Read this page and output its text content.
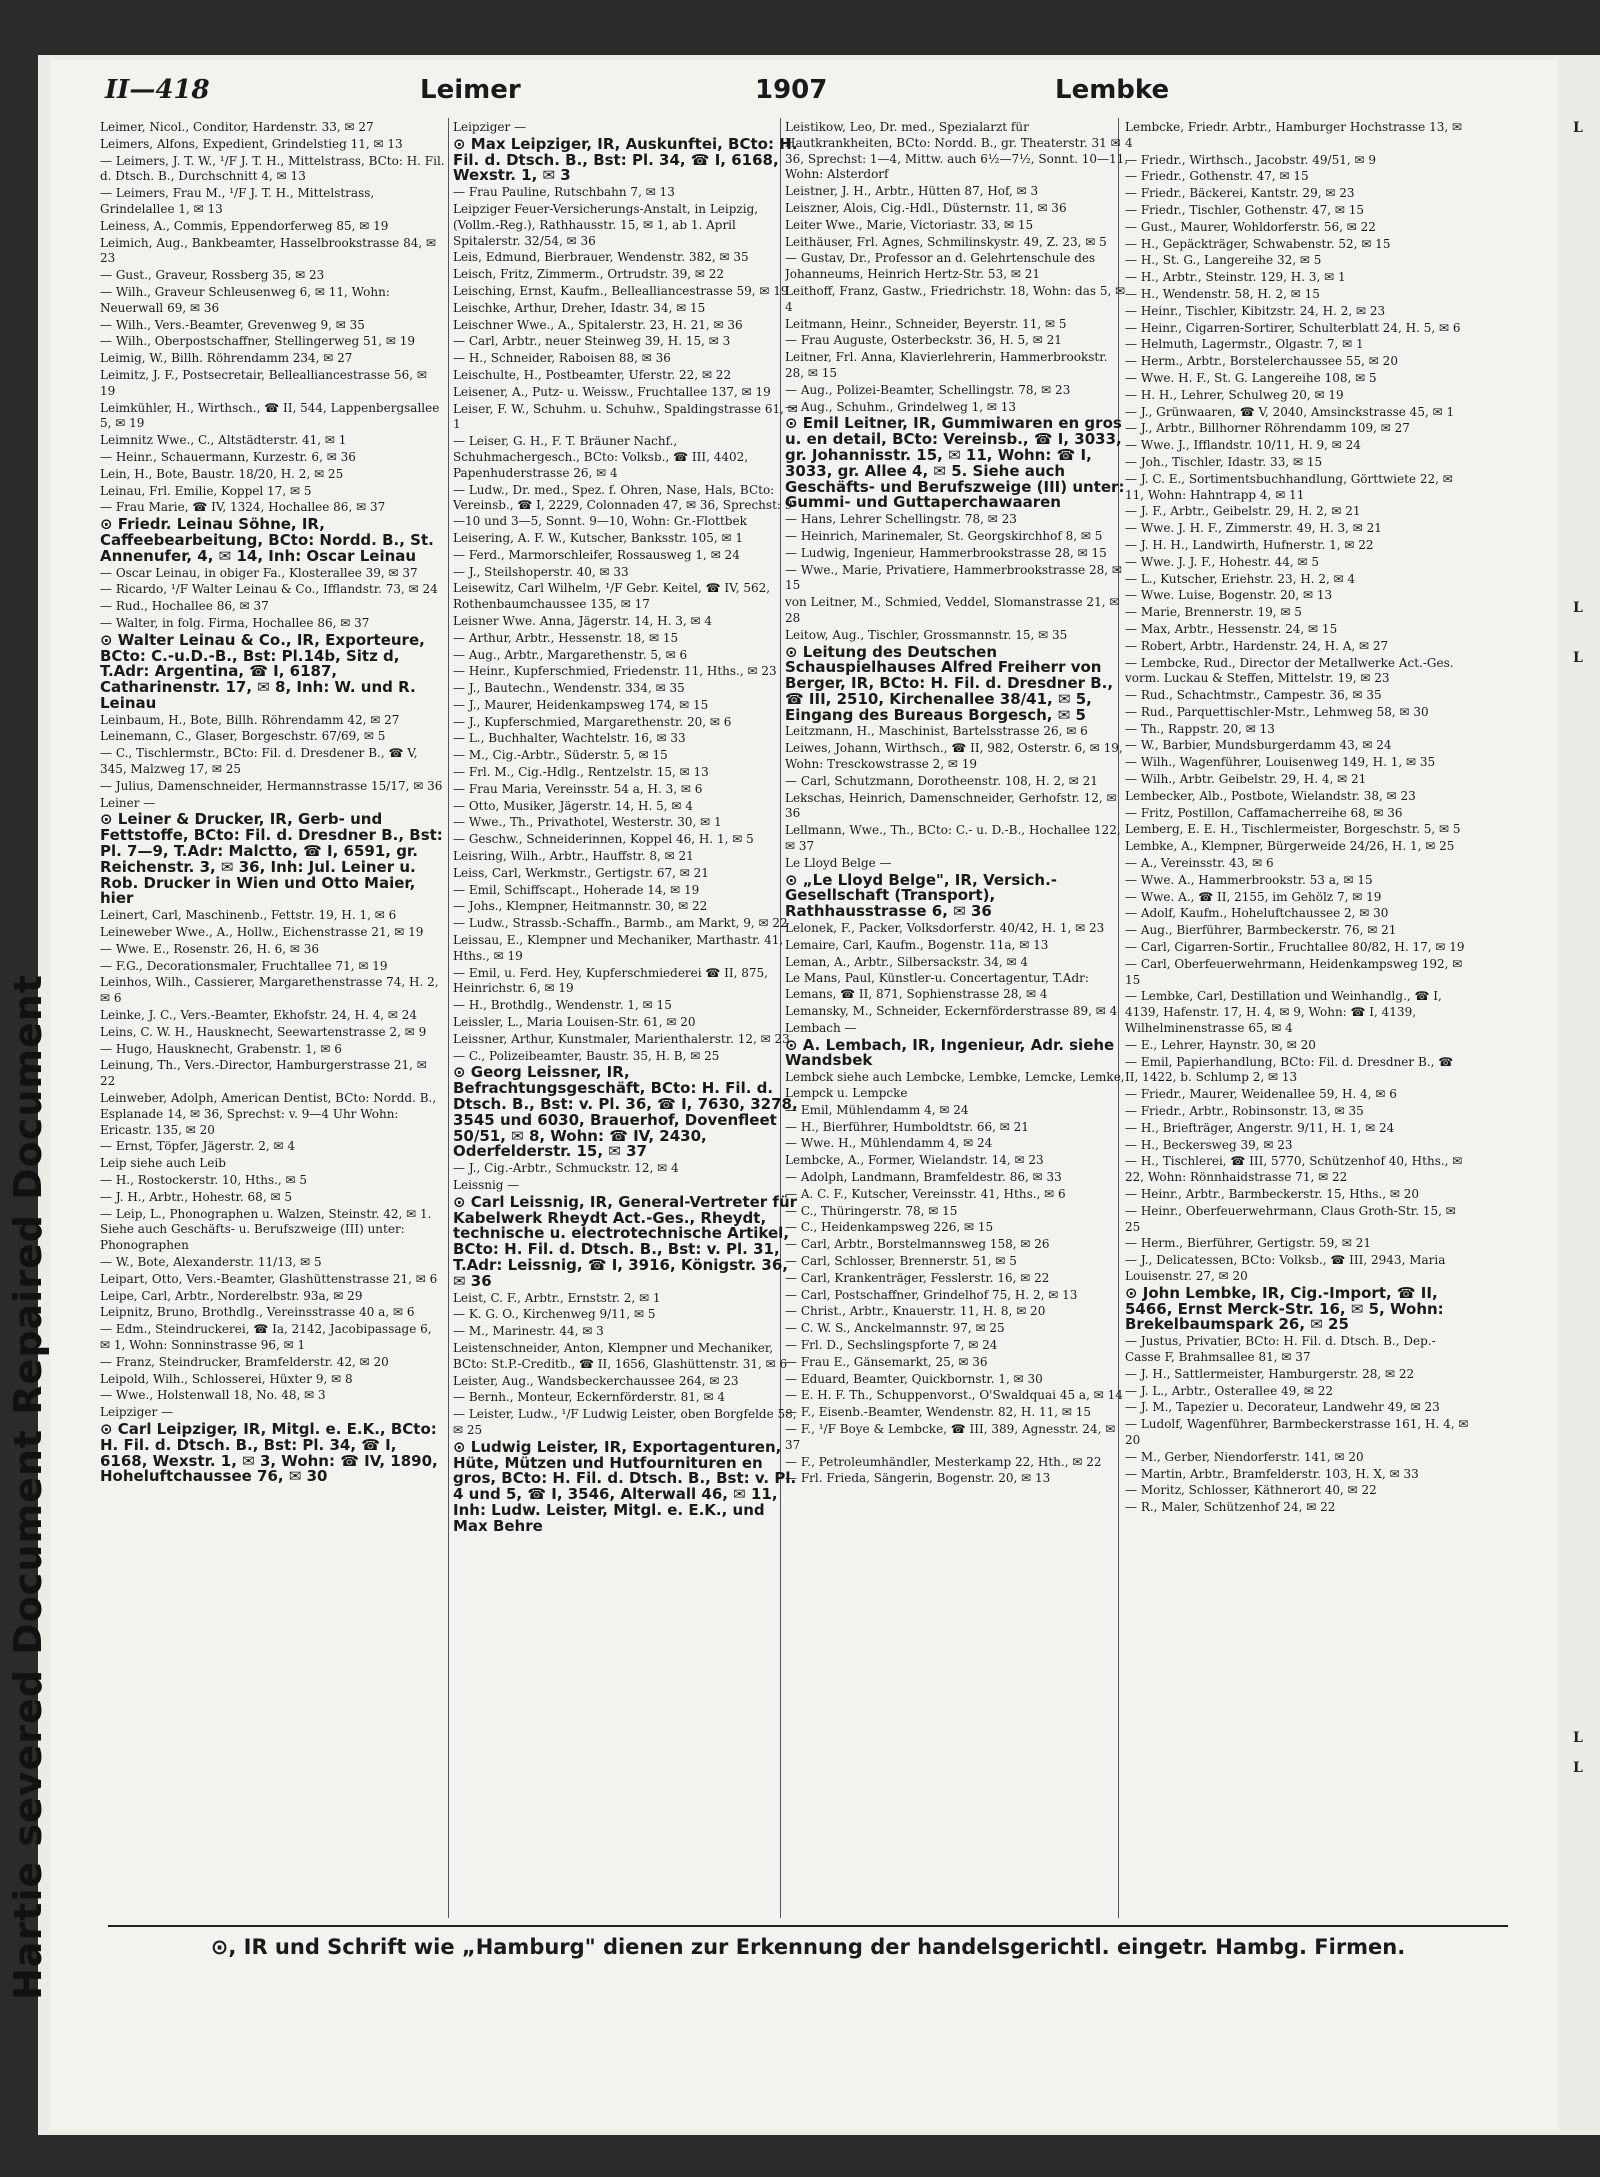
Hartie severed Document Repaired Document
II—418	Leimer	1907	Lembke
Leimer, Nicol., Conditor, Hardenstr. 33, ✉ 27
Leimers, Alfons, Expedient, Grindelstieg 11, ✉ 13
— Leimers, J. T. W., ¹/F J. T. H., Mittelstrass, BCto: H. Fil. d. Dtsch. B., Durchschnitt 4, ✉ 13
— Leimers, Frau M., ¹/F J. T. H., Mittelstrass, Grindelallee 1, ✉ 13
Leiness, A., Commis, Eppendorferweg 85, ✉ 19
Leimich, Aug., Bankbeamter, Hasselbrookstrasse 84, ✉ 23
— Gust., Graveur, Rossberg 35, ✉ 23
— Wilh., Graveur Schleusenweg 6, ✉ 11, Wohn: Neuerwall 69, ✉ 36
— Wilh., Vers.-Beamter, Grevenweg 9, ✉ 35
— Wilh., Oberpostschaffner, Stellingerweg 51, ✉ 19
Leimig, W., Billh. Röhrendamm 234, ✉ 27
Leimitz, J. F., Postsecretair, Bellealliancestrasse 56, ✉ 19
Leimkühler, H., Wirthsch., ☎ II, 544, Lappenbergsallee 5, ✉ 19
Leimnitz Wwe., C., Altstädterstr. 41, ✉ 1
— Heinr., Schauermann, Kurzestr. 6, ✉ 36
Lein, H., Bote, Baustr. 18/20, H. 2, ✉ 25
Leinau, Frl. Emilie, Koppel 17, ✉ 5
— Frau Marie, ☎ IV, 1324, Hochallee 86, ✉ 37
⊙ Friedr. Leinau Söhne, IR, Caffeebearbeitung, BCto: Nordd. B., St. Annenufer, 4, ✉ 14, Inh: Oscar Leinau
— Oscar Leinau, in obiger Fa., Klosterallee 39, ✉ 37
— Ricardo, ¹/F Walter Leinau & Co., Ifflandstr. 73, ✉ 24
— Rud., Hochallee 86, ✉ 37
— Walter, in folg. Firma, Hochallee 86, ✉ 37
⊙ Walter Leinau & Co., IR, Exporteure, BCto: C.-u.D.-B., Bst: Pl.14b, Sitz d, T.Adr: Argentina, ☎ I, 6187, Catharinenstr. 17, ✉ 8, Inh: W. und R. Leinau
Leinbaum, H., Bote, Billh. Röhrendamm 42, ✉ 27
Leinemann, C., Glaser, Borgeschstr. 67/69, ✉ 5
— C., Tischlermstr., BCto: Fil. d. Dresdener B., ☎ V, 345, Malzweg 17, ✉ 25
— Julius, Damenschneider, Hermannstrasse 15/17, ✉ 36
Leiner —
⊙ Leiner & Drucker, IR, Gerb- und Fettstoffe, BCto: Fil. d. Dresdner B., Bst: Pl. 7—9, T.Adr: Malctto, ☎ I, 6591, gr. Reichenstr. 3, ✉ 36, Inh: Jul. Leiner u. Rob. Drucker in Wien und Otto Maier, hier
Leinert, Carl, Maschinenb., Fettstr. 19, H. 1, ✉ 6
Leineweber Wwe., A., Hollw., Eichenstrasse 21, ✉ 19
— Wwe. E., Rosenstr. 26, H. 6, ✉ 36
— F.G., Decorationsmaler, Fruchtallee 71, ✉ 19
Leinhos, Wilh., Cassierer, Margarethenstrasse 74, H. 2, ✉ 6
Leinke, J. C., Vers.-Beamter, Ekhofstr. 24, H. 4, ✉ 24
Leins, C. W. H., Hausknecht, Seewartenstrasse 2, ✉ 9
— Hugo, Hausknecht, Grabenstr. 1, ✉ 6
Leinung, Th., Vers.-Director, Hamburgerstrasse 21, ✉ 22
Leinweber, Adolph, American Dentist, BCto: Nordd. B., Esplanade 14, ✉ 36, Sprechst: v. 9—4 Uhr Wohn: Ericastr. 135, ✉ 20
— Ernst, Töpfer, Jägerstr. 2, ✉ 4
Leip siehe auch Leib
— H., Rostockerstr. 10, Hths., ✉ 5
— J. H., Arbtr., Hohestr. 68, ✉ 5
— Leip, L., Phonographen u. Walzen, Steinstr. 42, ✉ 1. Siehe auch Geschäfts- u. Berufszweige (III) unter: Phonographen
— W., Bote, Alexanderstr. 11/13, ✉ 5
Leipart, Otto, Vers.-Beamter, Glashüttenstrasse 21, ✉ 6
Leipe, Carl, Arbtr., Norderelbstr. 93a, ✉ 29
Leipnitz, Bruno, Brothdlg., Vereinsstrasse 40 a, ✉ 6
— Edm., Steindruckerei, ☎ Ia, 2142, Jacobipassage 6, ✉ 1, Wohn: Sonninstrasse 96, ✉ 1
— Franz, Steindrucker, Bramfelderstr. 42, ✉ 20
Leipold, Wilh., Schlosserei, Hüxter 9, ✉ 8
— Wwe., Holstenwall 18, No. 48, ✉ 3
Leipziger —
⊙ Carl Leipziger, IR, Mitgl. e. E.K., BCto: H. Fil. d. Dtsch. B., Bst: Pl. 34, ☎ I, 6168, Wexstr. 1, ✉ 3, Wohn: ☎ IV, 1890, Hoheluftchaussee 76, ✉ 30
Leipziger —
⊙ Max Leipziger, IR, Auskunftei, BCto: H. Fil. d. Dtsch. B., Bst: Pl. 34, ☎ I, 6168, Wexstr. 1, ✉ 3
— Frau Pauline, Rutschbahn 7, ✉ 13
Leipziger Feuer-Versicherungs-Anstalt, in Leipzig, (Vollm.-Reg.), Rathhausstr. 15, ✉ 1, ab 1. April Spitalerstr. 32/54, ✉ 36
Leis, Edmund, Bierbrauer, Wendenstr. 382, ✉ 35
Leisch, Fritz, Zimmerm., Ortrudstr. 39, ✉ 22
Leisching, Ernst, Kaufm., Bellealliancestrasse 59, ✉ 19
Leischke, Arthur, Dreher, Idastr. 34, ✉ 15
Leischner Wwe., A., Spitalerstr. 23, H. 21, ✉ 36
— Carl, Arbtr., neuer Steinweg 39, H. 15, ✉ 3
— H., Schneider, Raboisen 88, ✉ 36
Leischulte, H., Postbeamter, Uferstr. 22, ✉ 22
Leisener, A., Putz- u. Weissw., Fruchtallee 137, ✉ 19
Leiser, F. W., Schuhm. u. Schuhw., Spaldingstrasse 61, ✉ 1
— Leiser, G. H., F. T. Bräuner Nachf., Schuhmachergesch., BCto: Volksb., ☎ III, 4402, Papenhuderstrasse 26, ✉ 4
— Ludw., Dr. med., Spez. f. Ohren, Nase, Hals, BCto: Vereinsb., ☎ I, 2229, Colonnaden 47, ✉ 36, Sprechst: 9—10 und 3—5, Sonnt. 9—10, Wohn: Gr.-Flottbek
Leisering, A. F. W., Kutscher, Banksstr. 105, ✉ 1
— Ferd., Marmorschleifer, Rossausweg 1, ✉ 24
— J., Steilshoperstr. 40, ✉ 33
Leisewitz, Carl Wilhelm, ¹/F Gebr. Keitel, ☎ IV, 562, Rothenbaumchaussee 135, ✉ 17
Leisner Wwe. Anna, Jägerstr. 14, H. 3, ✉ 4
— Arthur, Arbtr., Hessenstr. 18, ✉ 15
— Aug., Arbtr., Margarethenstr. 5, ✉ 6
— Heinr., Kupferschmied, Friedenstr. 11, Hths., ✉ 23
— J., Bautechn., Wendenstr. 334, ✉ 35
— J., Maurer, Heidenkampsweg 174, ✉ 15
— J., Kupferschmied, Margarethenstr. 20, ✉ 6
— L., Buchhalter, Wachtelstr. 16, ✉ 33
— M., Cig.-Arbtr., Süderstr. 5, ✉ 15
— Frl. M., Cig.-Hdlg., Rentzelstr. 15, ✉ 13
— Frau Maria, Vereinsstr. 54 a, H. 3, ✉ 6
— Otto, Musiker, Jägerstr. 14, H. 5, ✉ 4
— Wwe., Th., Privathotel, Westerstr. 30, ✉ 1
— Geschw., Schneiderinnen, Koppel 46, H. 1, ✉ 5
Leisring, Wilh., Arbtr., Hauffstr. 8, ✉ 21
Leiss, Carl, Werkmstr., Gertigstr. 67, ✉ 21
— Emil, Schiffscapt., Hoherade 14, ✉ 19
— Johs., Klempner, Heitmannstr. 30, ✉ 22
— Ludw., Strassb.-Schaffn., Barmb., am Markt, 9, ✉ 22
Leissau, E., Klempner und Mechaniker, Marthastr. 41, Hths., ✉ 19
— Emil, u. Ferd. Hey, Kupferschmiederei ☎ II, 875, Heinrichstr. 6, ✉ 19
— H., Brothdlg., Wendenstr. 1, ✉ 15
Leissler, L., Maria Louisen-Str. 61, ✉ 20
Leissner, Arthur, Kunstmaler, Marienthalerstr. 12, ✉ 23
— C., Polizeibeamter, Baustr. 35, H. B, ✉ 25
⊙ Georg Leissner, IR, Befrachtungsgeschäft, BCto: H. Fil. d. Dtsch. B., Bst: v. Pl. 36, ☎ I, 7630, 3278, 3545 und 6030, Brauerhof, Dovenfleet 50/51, ✉ 8, Wohn: ☎ IV, 2430, Oderfelderstr. 15, ✉ 37
— J., Cig.-Arbtr., Schmuckstr. 12, ✉ 4
Leissnig —
⊙ Carl Leissnig, IR, General-Vertreter für Kabelwerk Rheydt Act.-Ges., Rheydt, technische u. electrotechnische Artikel, BCto: H. Fil. d. Dtsch. B., Bst: v. Pl. 31, T.Adr: Leissnig, ☎ I, 3916, Königstr. 36, ✉ 36
Leist, C. F., Arbtr., Ernststr. 2, ✉ 1
— K. G. O., Kirchenweg 9/11, ✉ 5
— M., Marinestr. 44, ✉ 3
Leistenschneider, Anton, Klempner und Mechaniker, BCto: St.P.-Creditb., ☎ II, 1656, Glashüttenstr. 31, ✉ 6
Leister, Aug., Wandsbeckerchaussee 264, ✉ 23
— Bernh., Monteur, Eckernförderstr. 81, ✉ 4
— Leister, Ludw., ¹/F Ludwig Leister, oben Borgfelde 58, ✉ 25
⊙ Ludwig Leister, IR, Exportagenturen, Hüte, Mützen und Hutfournituren en gros, BCto: H. Fil. d. Dtsch. B., Bst: v. Pl. 4 und 5, ☎ I, 3546, Alterwall 46, ✉ 11, Inh: Ludw. Leister, Mitgl. e. E.K., und Max Behre
Leistikow, Leo, Dr. med., Spezialarzt für Hautkrankheiten, BCto: Nordd. B., gr. Theaterstr. 31 ✉ 36, Sprechst: 1—4, Mittw. auch 6½—7½, Sonnt. 10—11, Wohn: Alsterdorf
Leistner, J. H., Arbtr., Hütten 87, Hof, ✉ 3
Leiszner, Alois, Cig.-Hdl., Düsternstr. 11, ✉ 36
Leiter Wwe., Marie, Victoriastr. 33, ✉ 15
Leithäuser, Frl. Agnes, Schmilinskystr. 49, Z. 23, ✉ 5
— Gustav, Dr., Professor an d. Gelehrtenschule des Johanneums, Heinrich Hertz-Str. 53, ✉ 21
Leithoff, Franz, Gastw., Friedrichstr. 18, Wohn: das 5, ✉ 4
Leitmann, Heinr., Schneider, Beyerstr. 11, ✉ 5
— Frau Auguste, Osterbeckstr. 36, H. 5, ✉ 21
Leitner, Frl. Anna, Klavierlehrerin, Hammerbrookstr. 28, ✉ 15
— Aug., Polizei-Beamter, Schellingstr. 78, ✉ 23
— Aug., Schuhm., Grindelweg 1, ✉ 13
⊙ Emil Leitner, IR, Gummiwaren en gros u. en detail, BCto: Vereinsb., ☎ I, 3033, gr. Johannisstr. 15, ✉ 11, Wohn: ☎ I, 3033, gr. Allee 4, ✉ 5. Siehe auch Geschäfts- und Berufszweige (III) unter: Gummi- und Guttaperchawaaren
— Hans, Lehrer Schellingstr. 78, ✉ 23
— Heinrich, Marinemaler, St. Georgskirchhof 8, ✉ 5
— Ludwig, Ingenieur, Hammerbrookstrasse 28, ✉ 15
— Wwe., Marie, Privatiere, Hammerbrookstrasse 28, ✉ 15
von Leitner, M., Schmied, Veddel, Slomanstrasse 21, ✉ 28
Leitow, Aug., Tischler, Grossmannstr. 15, ✉ 35
⊙ Leitung des Deutschen Schauspielhauses Alfred Freiherr von Berger, IR, BCto: H. Fil. d. Dresdner B., ☎ III, 2510, Kirchenallee 38/41, ✉ 5, Eingang des Bureaus Borgesch, ✉ 5
Leitzmann, H., Maschinist, Bartelsstrasse 26, ✉ 6
Leiwes, Johann, Wirthsch., ☎ II, 982, Osterstr. 6, ✉ 19, Wohn: Tresckowstrasse 2, ✉ 19
— Carl, Schutzmann, Dorotheenstr. 108, H. 2, ✉ 21
Lekschas, Heinrich, Damenschneider, Gerhofstr. 12, ✉ 36
Lellmann, Wwe., Th., BCto: C.- u. D.-B., Hochallee 122, ✉ 37
Le Lloyd Belge —
⊙ „Le Lloyd Belge", IR, Versich.-Gesellschaft (Transport), Rathhausstrasse 6, ✉ 36
Lelonek, F., Packer, Volksdorferstr. 40/42, H. 1, ✉ 23
Lemaire, Carl, Kaufm., Bogenstr. 11a, ✉ 13
Leman, A., Arbtr., Silbersackstr. 34, ✉ 4
Le Mans, Paul, Künstler-u. Concertagentur, T.Adr: Lemans, ☎ II, 871, Sophienstrasse 28, ✉ 4
Lemansky, M., Schneider, Eckernförderstrasse 89, ✉ 4
Lembach —
⊙ A. Lembach, IR, Ingenieur, Adr. siehe Wandsbek
Lembck siehe auch Lembcke, Lembke, Lemcke, Lemke, Lempck u. Lempcke
— Emil, Mühlendamm 4, ✉ 24
— H., Bierführer, Humboldtstr. 66, ✉ 21
— Wwe. H., Mühlendamm 4, ✉ 24
Lembcke, A., Former, Wielandstr. 14, ✉ 23
— Adolph, Landmann, Bramfeldestr. 86, ✉ 33
— A. C. F., Kutscher, Vereinsstr. 41, Hths., ✉ 6
— C., Thüringerstr. 78, ✉ 15
— C., Heidenkampsweg 226, ✉ 15
— Carl, Arbtr., Borstelmannsweg 158, ✉ 26
— Carl, Schlosser, Brennerstr. 51, ✉ 5
— Carl, Krankenträger, Fesslerstr. 16, ✉ 22
— Carl, Postschaffner, Grindelhof 75, H. 2, ✉ 13
— Christ., Arbtr., Knauerstr. 11, H. 8, ✉ 20
— C. W. S., Anckelmannstr. 97, ✉ 25
— Frl. D., Sechslingspforte 7, ✉ 24
— Frau E., Gänsemarkt, 25, ✉ 36
— Eduard, Beamter, Quickbornstr. 1, ✉ 30
— E. H. F. Th., Schuppenvorst., O'Swaldquai 45 a, ✉ 14
— F., Eisenb.-Beamter, Wendenstr. 82, H. 11, ✉ 15
— F., ¹/F Boye & Lembcke, ☎ III, 389, Agnesstr. 24, ✉ 37
— F., Petroleumhändler, Mesterkamp 22, Hth., ✉ 22
— Frl. Frieda, Sängerin, Bogenstr. 20, ✉ 13
Lembcke, Friedr. Arbtr., Hamburger Hochstrasse 13, ✉ 4
— Friedr., Wirthsch., Jacobstr. 49/51, ✉ 9
— Friedr., Gothenstr. 47, ✉ 15
— Friedr., Bäckerei, Kantstr. 29, ✉ 23
— Friedr., Tischler, Gothenstr. 47, ✉ 15
— Gust., Maurer, Wohldorferstr. 56, ✉ 22
— H., Gepäckträger, Schwabenstr. 52, ✉ 15
— H., St. G., Langereihe 32, ✉ 5
— H., Arbtr., Steinstr. 129, H. 3, ✉ 1
— H., Wendenstr. 58, H. 2, ✉ 15
— Heinr., Tischler, Kibitzstr. 24, H. 2, ✉ 23
— Heinr., Cigarren-Sortirer, Schulterblatt 24, H. 5, ✉ 6
— Helmuth, Lagermstr., Olgastr. 7, ✉ 1
— Herm., Arbtr., Borstelerchaussee 55, ✉ 20
— Wwe. H. F., St. G. Langereihe 108, ✉ 5
— H. H., Lehrer, Schulweg 20, ✉ 19
— J., Grünwaaren, ☎ V, 2040, Amsinckstrasse 45, ✉ 1
— J., Arbtr., Billhorner Röhrendamm 109, ✉ 27
— Wwe. J., Ifflandstr. 10/11, H. 9, ✉ 24
— Joh., Tischler, Idastr. 33, ✉ 15
— J. C. E., Sortimentsbuchhandlung, Görttwiete 22, ✉ 11, Wohn: Hahntrapp 4, ✉ 11
— J. F., Arbtr., Geibelstr. 29, H. 2, ✉ 21
— Wwe. J. H. F., Zimmerstr. 49, H. 3, ✉ 21
— J. H. H., Landwirth, Hufnerstr. 1, ✉ 22
— Wwe. J. J. F., Hohestr. 44, ✉ 5
— L., Kutscher, Eriehstr. 23, H. 2, ✉ 4
— Wwe. Luise, Bogenstr. 20, ✉ 13
— Marie, Brennerstr. 19, ✉ 5
— Max, Arbtr., Hessenstr. 24, ✉ 15
— Robert, Arbtr., Hardenstr. 24, H. A, ✉ 27
— Lembcke, Rud., Director der Metallwerke Act.-Ges. vorm. Luckau & Steffen, Mittelstr. 19, ✉ 23
— Rud., Schachtmstr., Campestr. 36, ✉ 35
— Rud., Parquettischler-Mstr., Lehmweg 58, ✉ 30
— Th., Rappstr. 20, ✉ 13
— W., Barbier, Mundsburgerdamm 43, ✉ 24
— Wilh., Wagenführer, Louisenweg 149, H. 1, ✉ 35
— Wilh., Arbtr. Geibelstr. 29, H. 4, ✉ 21
Lembecker, Alb., Postbote, Wielandstr. 38, ✉ 23
— Fritz, Postillon, Caffamacherreihe 68, ✉ 36
Lemberg, E. E. H., Tischlermeister, Borgeschstr. 5, ✉ 5
Lembke, A., Klempner, Bürgerweide 24/26, H. 1, ✉ 25
— A., Vereinsstr. 43, ✉ 6
— Wwe. A., Hammerbrookstr. 53 a, ✉ 15
— Wwe. A., ☎ II, 2155, im Gehölz 7, ✉ 19
— Adolf, Kaufm., Hoheluftchaussee 2, ✉ 30
— Aug., Bierführer, Barmbeckerstr. 76, ✉ 21
— Carl, Cigarren-Sortir., Fruchtallee 80/82, H. 17, ✉ 19
— Carl, Oberfeuerwehrmann, Heidenkampsweg 192, ✉ 15
— Lembke, Carl, Destillation und Weinhandlg., ☎ I, 4139, Hafenstr. 17, H. 4, ✉ 9, Wohn: ☎ I, 4139, Wilhelminenstrasse 65, ✉ 4
— E., Lehrer, Haynstr. 30, ✉ 20
— Emil, Papierhandlung, BCto: Fil. d. Dresdner B., ☎ II, 1422, b. Schlump 2, ✉ 13
— Friedr., Maurer, Weidenallee 59, H. 4, ✉ 6
— Friedr., Arbtr., Robinsonstr. 13, ✉ 35
— H., Briefträger, Angerstr. 9/11, H. 1, ✉ 24
— H., Beckersweg 39, ✉ 23
— H., Tischlerei, ☎ III, 5770, Schützenhof 40, Hths., ✉ 22, Wohn: Rönnhaidstrasse 71, ✉ 22
— Heinr., Arbtr., Barmbeckerstr. 15, Hths., ✉ 20
— Heinr., Oberfeuerwehrmann, Claus Groth-Str. 15, ✉ 25
— Herm., Bierführer, Gertigstr. 59, ✉ 21
— J., Delicatessen, BCto: Volksb., ☎ III, 2943, Maria Louisenstr. 27, ✉ 20
⊙ John Lembke, IR, Cig.-Import, ☎ II, 5466, Ernst Merck-Str. 16, ✉ 5, Wohn: Brekelbaumspark 26, ✉ 25
— Justus, Privatier, BCto: H. Fil. d. Dtsch. B., Dep.-Casse F, Brahmsallee 81, ✉ 37
— J. H., Sattlermeister, Hamburgerstr. 28, ✉ 22
— J. L., Arbtr., Osterallee 49, ✉ 22
— J. M., Tapezier u. Decorateur, Landwehr 49, ✉ 23
— Ludolf, Wagenführer, Barmbeckerstrasse 161, H. 4, ✉ 20
— M., Gerber, Niendorferstr. 141, ✉ 20
— Martin, Arbtr., Bramfelderstr. 103, H. X, ✉ 33
— Moritz, Schlosser, Käthnerort 40, ✉ 22
— R., Maler, Schützenhof 24, ✉ 22
L
L
L
L
L
⊙, IR und Schrift wie „Hamburg" dienen zur Erkennung der handelsgerichtl. eingetr. Hambg. Firmen.
